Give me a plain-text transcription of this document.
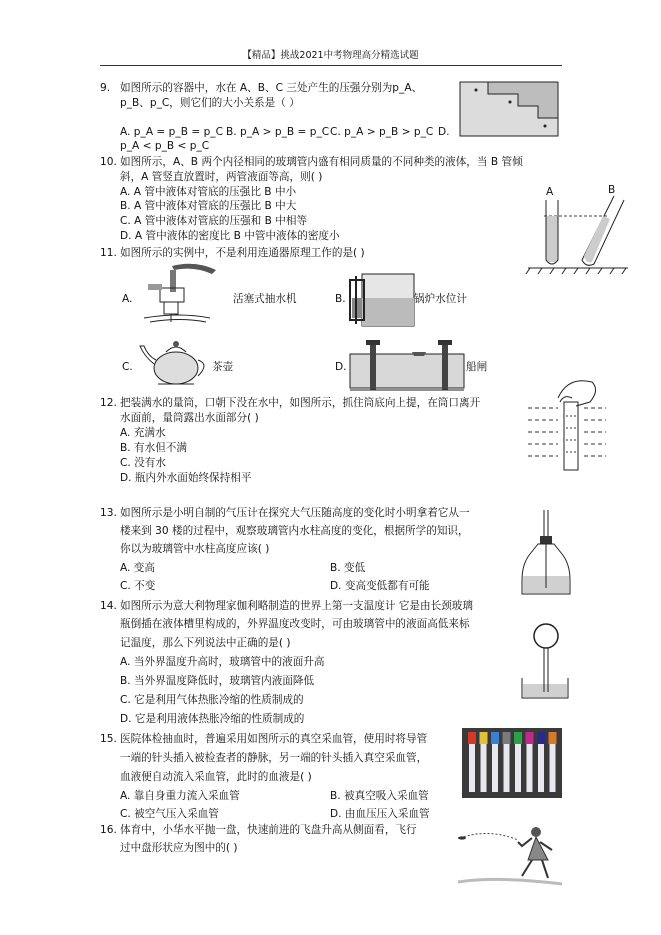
【精品】挑战2021中考物理高分精选试题
9. 如图所示的容器中，水在 A、B、C 三处产生的压强分别为p_A、
p_B、p_C，则它们的大小关系是（ ）
A. p_A = p_B = p_C B. p_A > p_B = p_C C. p_A > p_B > p_C D.
p_A < p_B < p_C
10. 如图所示，A、B 两个内径相同的玻璃管内盛有相同质量的不同种类的液体，当 B 管倾
斜，A 管竖直放置时，两管液面等高，则( )
A. A 管中液体对管底的压强比 B 中小
B. A 管中液体对管底的压强比 B 中大
C. A 管中液体对管底的压强和 B 中相等
D. A 管中液体的密度比 B 中管中液体的密度小
A	B
11. 如图所示的实例中，不是利用连通器原理工作的是( )
A.	活塞式抽水机	B.	锅炉水位计
C.	茶壶	D.	船闸
12. 把装满水的量筒，口朝下没在水中，如图所示，抓住筒底向上提，在筒口离开
水面前，量筒露出水面部分( )
A. 充满水
B. 有水但不满
C. 没有水
D. 瓶内外水面始终保持相平
13. 如图所示是小明自制的气压计在探究大气压随高度的变化时小明拿着它从一
楼来到 30 楼的过程中，观察玻璃管内水柱高度的变化，根据所学的知识，
你以为玻璃管中水柱高度应该( )
A. 变高	B. 变低
C. 不变	D. 变高变低都有可能
14. 如图所示为意大利物理家伽利略制造的世界上第一支温度计 它是由长颈玻璃
瓶倒插在液体槽里构成的，外界温度改变时，可由玻璃管中的液面高低来标
记温度，那么下列说法中正确的是( )
A. 当外界温度升高时，玻璃管中的液面升高
B. 当外界温度降低时，玻璃管内液面降低
C. 它是利用气体热胀冷缩的性质制成的
D. 它是利用液体热胀冷缩的性质制成的
15. 医院体检抽血时，普遍采用如图所示的真空采血管，使用时将导管
一端的针头插入被检查者的静脉，另一端的针头插入真空采血管，
血液便自动流入采血管，此时的血液是( )
A. 靠自身重力流入采血管	B. 被真空吸入采血管
C. 被空气压入采血管	D. 由血压压入采血管
16. 体育中，小华水平抛一盘，快速前进的飞盘升高从侧面看，飞行
过中盘形状应为图中的( )
